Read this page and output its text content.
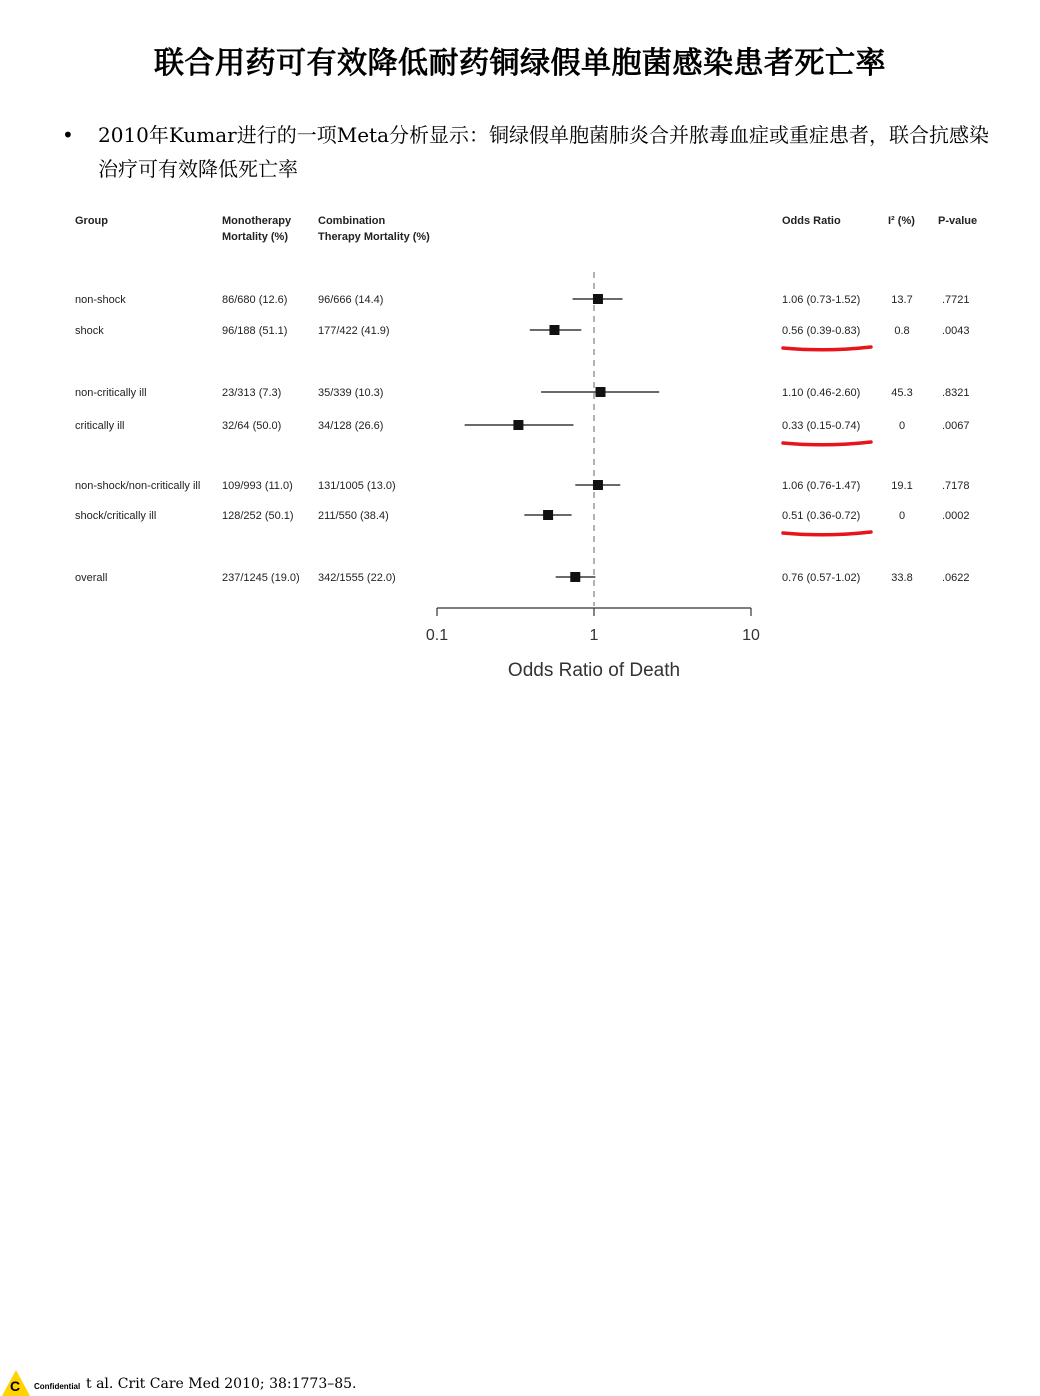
联合用药可有效降低耐药铜绿假单胞菌感染患者死亡率
• 2010年Kumar进行的一项Meta分析显示：铜绿假单胞菌肺炎合并脓毒血症或重症患者，联合抗感染治疗可有效降低死亡率
Group	Monotherapy
Mortality (%)
Combination
Therapy Mortality (%)
Odds Ratio	I² (%) P-value
non-shock	86/680 (12.6)	96/666 (14.4)	1.06 (0.73-1.52)	13.7	.7721
shock	96/188 (51.1)	177/422 (41.9)	0.56 (0.39-0.83)	0.8	.0043
non-critically ill	23/313 (7.3)	35/339 (10.3)	1.10 (0.46-2.60)	45.3	.8321
critically ill	32/64 (50.0)	34/128 (26.6)	0.33 (0.15-0.74)	0	.0067
non-shock/non-critically ill 109/993 (11.0) 131/1005 (13.0)	1.06 (0.76-1.47)	19.1	.7178
shock/critically ill	128/252 (50.1) 211/550 (38.4)	0.51 (0.36-0.72)	0	.0002
overall	237/1245 (19.0) 342/1555 (22.0)	0.76 (0.57-1.02)	33.8	.0622
0.1	1	10
Odds Ratio of Death
C Confidential t al. Crit Care Med 2010; 38:1773–85.
